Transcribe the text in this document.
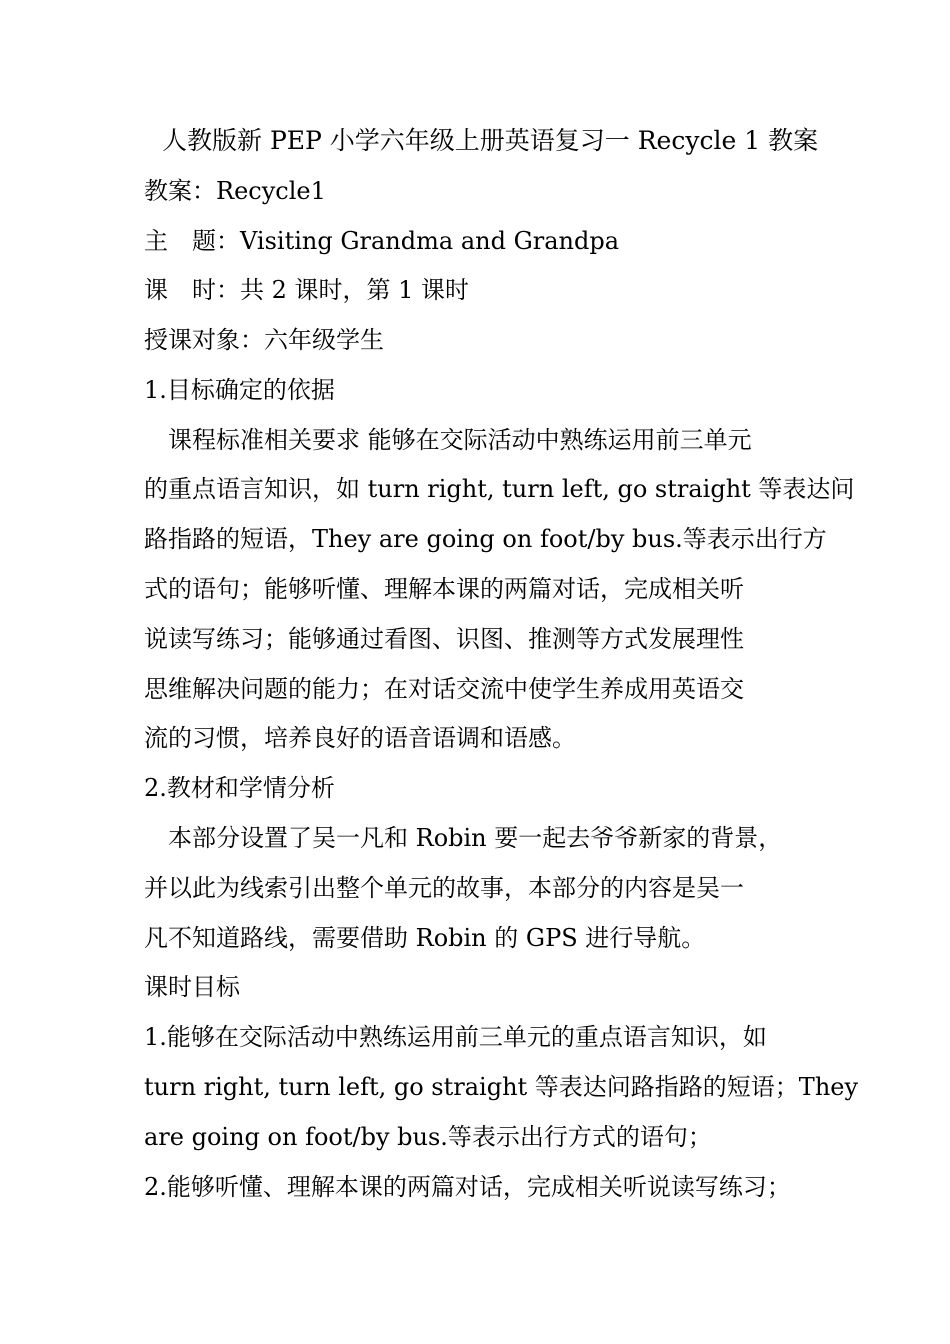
人教版新 PEP 小学六年级上册英语复习一 Recycle 1 教案
教案：Recycle1
主　题：Visiting Grandma and Grandpa
课　时：共 2 课时，第 1 课时
授课对象：六年级学生
1.目标确定的依据
　课程标准相关要求 能够在交际活动中熟练运用前三单元
的重点语言知识，如 turn right, turn left, go straight 等表达问
路指路的短语，They are going on foot/by bus.等表示出行方
式的语句；能够听懂、理解本课的两篇对话，完成相关听
说读写练习；能够通过看图、识图、推测等方式发展理性
思维解决问题的能力；在对话交流中使学生养成用英语交
流的习惯，培养良好的语音语调和语感。
2.教材和学情分析
　本部分设置了吴一凡和 Robin 要一起去爷爷新家的背景，
并以此为线索引出整个单元的故事，本部分的内容是吴一
凡不知道路线，需要借助 Robin 的 GPS 进行导航。
课时目标
1.能够在交际活动中熟练运用前三单元的重点语言知识，如
turn right, turn left, go straight 等表达问路指路的短语；They
are going on foot/by bus.等表示出行方式的语句；
2.能够听懂、理解本课的两篇对话，完成相关听说读写练习；
